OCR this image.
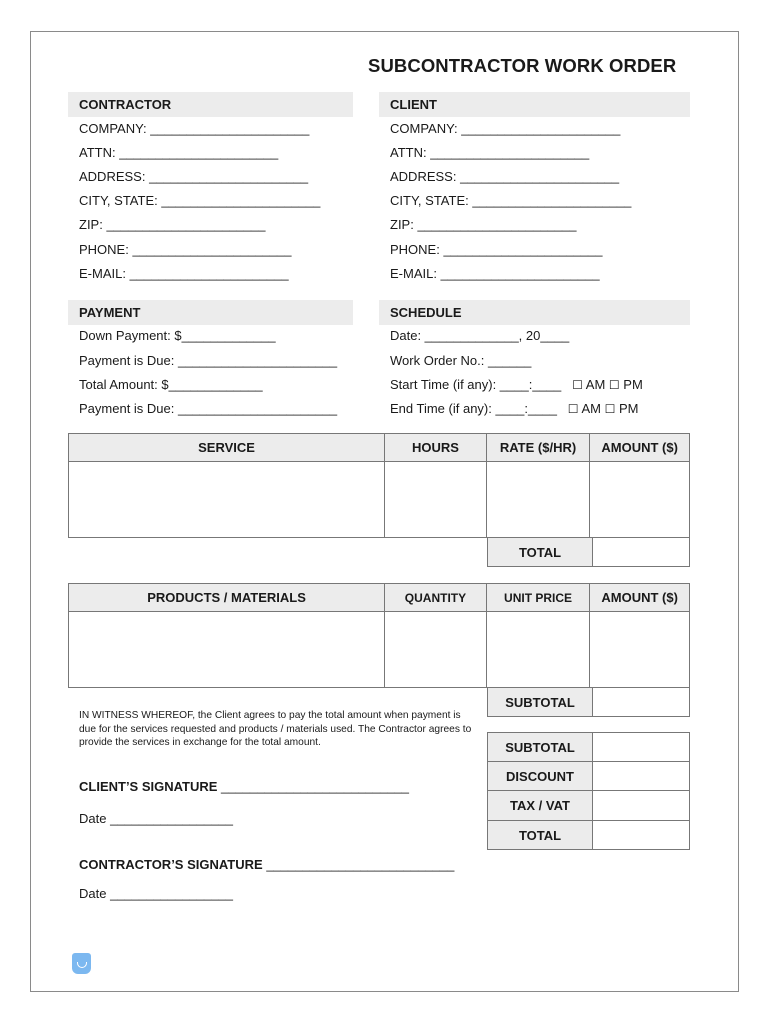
SUBCONTRACTOR WORK ORDER
CONTRACTOR	CLIENT
COMPANY: ______________________
ATTN: ______________________
ADDRESS: ______________________
CITY, STATE: ______________________
ZIP: ______________________
PHONE: ______________________
E-MAIL: ______________________
COMPANY: ______________________
ATTN: ______________________
ADDRESS: ______________________
CITY, STATE: ______________________
ZIP: ______________________
PHONE: ______________________
E-MAIL: ______________________
PAYMENT	SCHEDULE
Down Payment: $_____________
Payment is Due: ______________________
Total Amount: $_____________
Payment is Due: ______________________
Date: _____________, 20____
Work Order No.: ______
Start Time (if any): ____:____ ☐ AM ☐ PM
End Time (if any): ____:____ ☐ AM ☐ PM
SERVICE	HOURS	RATE ($/HR)	AMOUNT ($)

TOTAL
PRODUCTS / MATERIALS	QUANTITY	UNIT PRICE	AMOUNT ($)

SUBTOTAL
IN WITNESS WHEREOF, the Client agrees to pay the total amount when payment is due for the services requested and products / materials used. The Contractor agrees to provide the services in exchange for the total amount.	SUBTOTAL
DISCOUNT
TAX / VAT
TOTAL
CLIENT’S SIGNATURE __________________________
Date _________________
CONTRACTOR’S SIGNATURE __________________________
Date _________________
